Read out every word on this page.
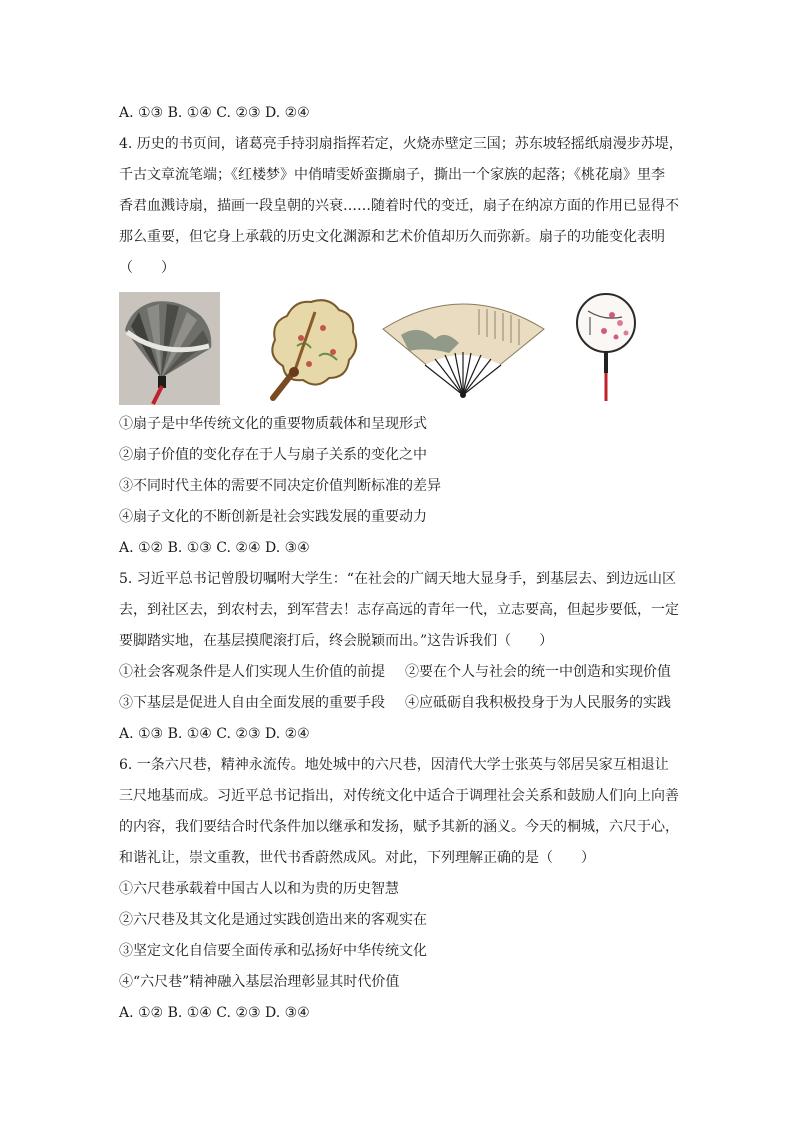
A. ①③ B. ①④ C. ②③ D. ②④
4. 历史的书页间，诸葛亮手持羽扇指挥若定，火烧赤壁定三国；苏东坡轻摇纸扇漫步苏堤，
千古文章流笔端；《红楼梦》中俏晴雯娇蛮撕扇子，撕出一个家族的起落；《桃花扇》里李
香君血溅诗扇，描画一段皇朝的兴衰……随着时代的变迁，扇子在纳凉方面的作用已显得不
那么重要，但它身上承载的历史文化渊源和艺术价值却历久而弥新。扇子的功能变化表明
（　　）
①扇子是中华传统文化的重要物质载体和呈现形式
②扇子价值的变化存在于人与扇子关系的变化之中
③不同时代主体的需要不同决定价值判断标准的差异
④扇子文化的不断创新是社会实践发展的重要动力
A. ①② B. ①③ C. ②④ D. ③④
5. 习近平总书记曾殷切嘱咐大学生：“在社会的广阔天地大显身手，到基层去、到边远山区
去，到社区去，到农村去，到军营去！志存高远的青年一代，立志要高，但起步要低，一定
要脚踏实地，在基层摸爬滚打后，终会脱颖而出。”这告诉我们（　　）
①社会客观条件是人们实现人生价值的前提 ②要在个人与社会的统一中创造和实现价值
③下基层是促进人自由全面发展的重要手段 ④应砥砺自我积极投身于为人民服务的实践
A. ①③ B. ①④ C. ②③ D. ②④
6. 一条六尺巷，精神永流传。地处城中的六尺巷，因清代大学士张英与邻居吴家互相退让
三尺地基而成。习近平总书记指出，对传统文化中适合于调理社会关系和鼓励人们向上向善
的内容，我们要结合时代条件加以继承和发扬，赋予其新的涵义。今天的桐城，六尺于心，
和谐礼让，崇文重教，世代书香蔚然成风。对此，下列理解正确的是（　　）
①六尺巷承载着中国古人以和为贵的历史智慧
②六尺巷及其文化是通过实践创造出来的客观实在
③坚定文化自信要全面传承和弘扬好中华传统文化
④“六尺巷”精神融入基层治理彰显其时代价值
A. ①② B. ①④ C. ②③ D. ③④
